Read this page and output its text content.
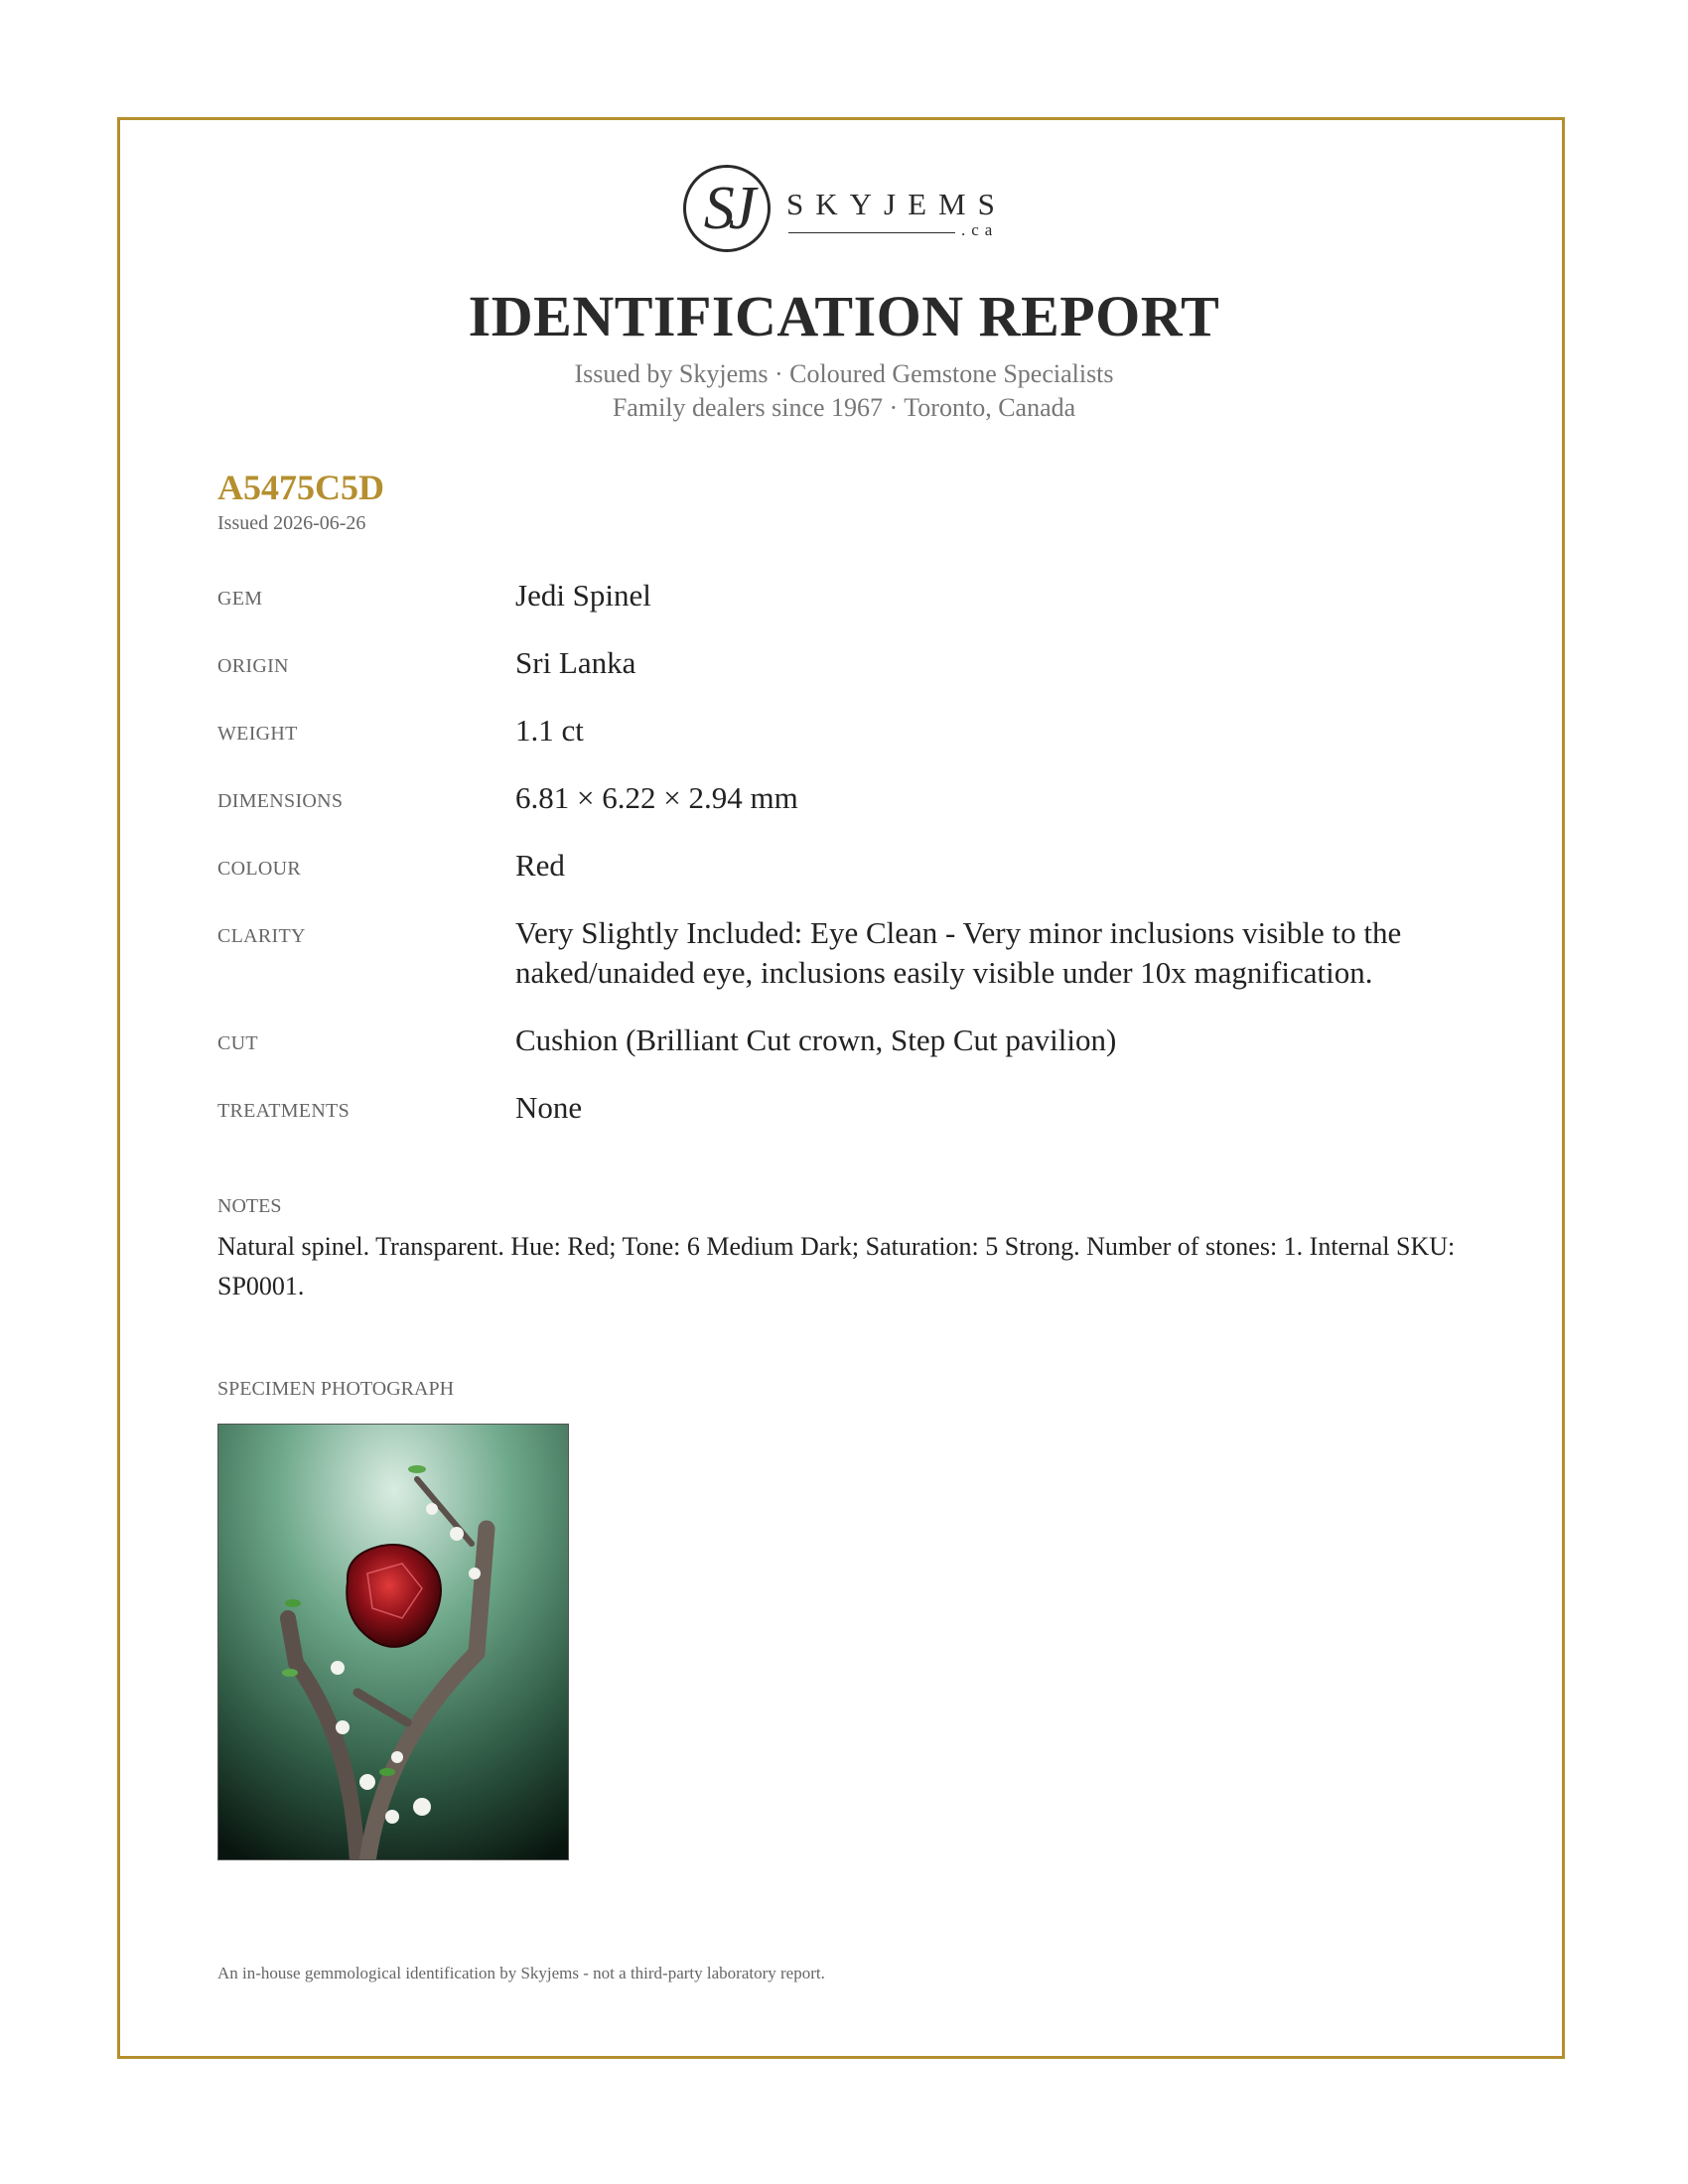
SJ	SKYJEMS
.ca
IDENTIFICATION REPORT
Issued by Skyjems · Coloured Gemstone Specialists
Family dealers since 1967 · Toronto, Canada
A5475C5D
Issued 2026-06-26
GEM	Jedi Spinel
ORIGIN	Sri Lanka
WEIGHT	1.1 ct
DIMENSIONS	6.81 × 6.22 × 2.94 mm
COLOUR	Red
CLARITY	Very Slightly Included: Eye Clean - Very minor inclusions visible to the naked/unaided eye, inclusions easily visible under 10x magnification.
CUT	Cushion (Brilliant Cut crown, Step Cut pavilion)
TREATMENTS	None
NOTES
Natural spinel. Transparent. Hue: Red; Tone: 6 Medium Dark; Saturation: 5 Strong. Number of stones: 1. Internal SKU: SP0001.
SPECIMEN PHOTOGRAPH
An in-house gemmological identification by Skyjems - not a third-party laboratory report.
